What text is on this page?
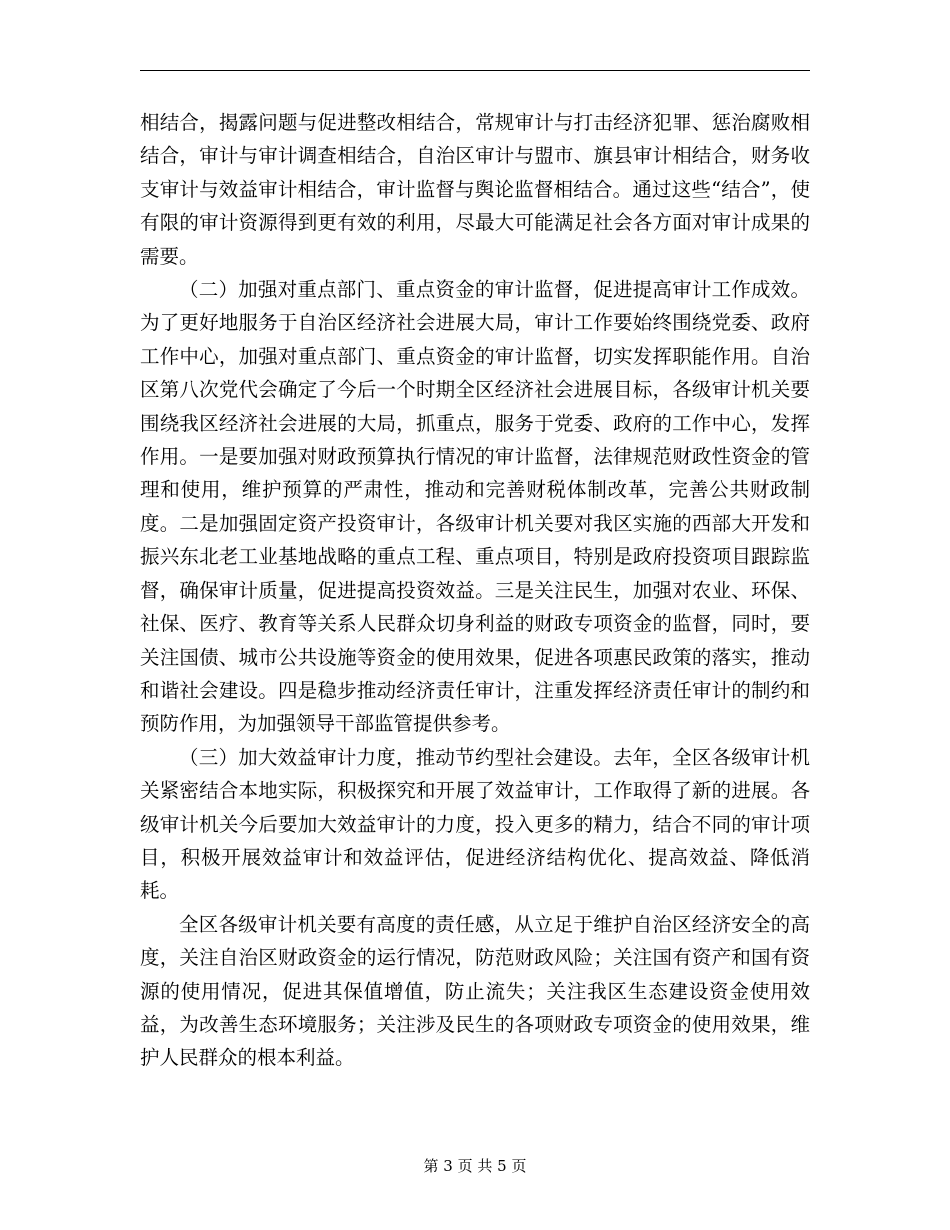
相结合，揭露问题与促进整改相结合，常规审计与打击经济犯罪、惩治腐败相结合，审计与审计调查相结合，自治区审计与盟市、旗县审计相结合，财务收支审计与效益审计相结合，审计监督与舆论监督相结合。通过这些“结合”，使有限的审计资源得到更有效的利用，尽最大可能满足社会各方面对审计成果的需要。

（二）加强对重点部门、重点资金的审计监督，促进提高审计工作成效。为了更好地服务于自治区经济社会进展大局，审计工作要始终围绕党委、政府工作中心，加强对重点部门、重点资金的审计监督，切实发挥职能作用。自治区第八次党代会确定了今后一个时期全区经济社会进展目标，各级审计机关要围绕我区经济社会进展的大局，抓重点，服务于党委、政府的工作中心，发挥作用。一是要加强对财政预算执行情况的审计监督，法律规范财政性资金的管理和使用，维护预算的严肃性，推动和完善财税体制改革，完善公共财政制度。二是加强固定资产投资审计，各级审计机关要对我区实施的西部大开发和振兴东北老工业基地战略的重点工程、重点项目，特别是政府投资项目跟踪监督，确保审计质量，促进提高投资效益。三是关注民生，加强对农业、环保、社保、医疗、教育等关系人民群众切身利益的财政专项资金的监督，同时，要关注国债、城市公共设施等资金的使用效果，促进各项惠民政策的落实，推动和谐社会建设。四是稳步推动经济责任审计，注重发挥经济责任审计的制约和预防作用，为加强领导干部监管提供参考。

（三）加大效益审计力度，推动节约型社会建设。去年，全区各级审计机关紧密结合本地实际，积极探究和开展了效益审计，工作取得了新的进展。各级审计机关今后要加大效益审计的力度，投入更多的精力，结合不同的审计项目，积极开展效益审计和效益评估，促进经济结构优化、提高效益、降低消耗。

全区各级审计机关要有高度的责任感，从立足于维护自治区经济安全的高度，关注自治区财政资金的运行情况，防范财政风险；关注国有资产和国有资源的使用情况，促进其保值增值，防止流失；关注我区生态建设资金使用效益，为改善生态环境服务；关注涉及民生的各项财政专项资金的使用效果，维护人民群众的根本利益。

第 3 页 共 5 页
